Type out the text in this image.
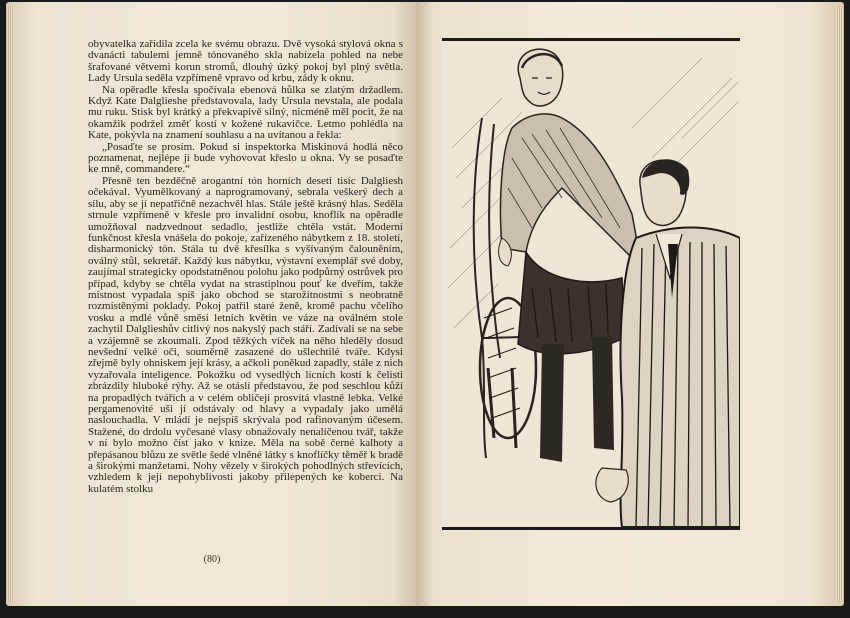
obyvatelka zařídila zcela ke svému obrazu. Dvě vysoká stylová okna s dvanácti tabulemi jemně tónovaného skla nabízela pohled na nebe šrafované větvemi korun stromů, dlouhý úzký pokoj byl plný světla. Lady Ursula seděla vzpřímeně vpravo od krbu, zády k oknu.

Na opěradle křesla spočívala ebenová hůlka se zlatým držadlem. Když Kate Dalglieshe představovala, lady Ursula nevstala, ale podala mu ruku. Stisk byl krátký a překvapivě silný, nicméně měl pocit, že na okamžik podržel změť kostí v kožené rukavičce. Letmo pohlédla na Kate, pokývla na znamení souhlasu a na uvítanou a řekla:

„Posaďte se prosím. Pokud si inspektorka Miskinová hodlá něco poznamenat, nejlépe jí bude vyhovovat křeslo u okna. Vy se posaďte ke mně, commandere.“

Přesně ten bezděčně arogantní tón horních deseti tisíc Dalgliesh očekával. Vyumělkovaný a naprogramovaný, sebrala veškerý dech a sílu, aby se jí nepatřičně nezachvěl hlas. Stále ještě krásný hlas. Seděla strnule vzpřímeně v křesle pro invalidní osobu, knoflík na opěradle umožňoval nadzvednout sedadlo, jestliže chtěla vstát. Moderní funkčnost křesla vnášela do pokoje, zařízeného nábytkem z 18. století, disharmonický tón. Stála tu dvě křesílka s vyšívaným čalouněním, oválný stůl, sekretář. Každý kus nábytku, výstavní exemplář své doby, zaujímal strategicky opodstatněnou polohu jako podpůrný ostrůvek pro případ, kdyby se chtěla vydat na strastiplnou pouť ke dveřím, takže místnost vypadala spíš jako obchod se starožitnostmi s neobratně rozmístěnými poklady. Pokoj patřil staré ženě, kromě pachu včelího vosku a mdlé vůně směsi letních květin ve váze na oválném stole zachytil Dalglieshův citlivý nos nakyslý pach stáří. Zadívali se na sebe a vzájemně se zkoumali. Zpod těžkých víček na něho hleděly dosud nevšední velké oči, souměrně zasazené do ušlechtilé tváře. Kdysi zřejmě byly ohniskem její krásy, a ačkoli poněkud zapadly, stále z nich vyzařovala inteligence. Pokožku od vysedlých lícních kostí k čelisti zbrázdily hluboké rýhy. Až se otáslí představou, že pod seschlou kůží na propadlých tvářích a v celém obličeji prosvítá vlastně lebka. Velké pergamenovité uši jí odstávaly od hlavy a vypadaly jako umělá naslouchadla. V mládí je nejspíš skrývala pod rafinovaným účesem. Stažené, do drdolu vyčesané vlasy obnažovaly nenalíčenou tvář, takže v ní bylo možno číst jako v knize. Měla na sobě černé kalhoty a přepásanou blůzu ze světle šedé vlněné látky s knoflíčky těměř k bradě a širokými manžetami. Nohy vězely v širokých pohodlných střevících, vzhledem k její nepohyblivosti jakoby přilepených ke koberci. Na kulatém stolku

(80)
